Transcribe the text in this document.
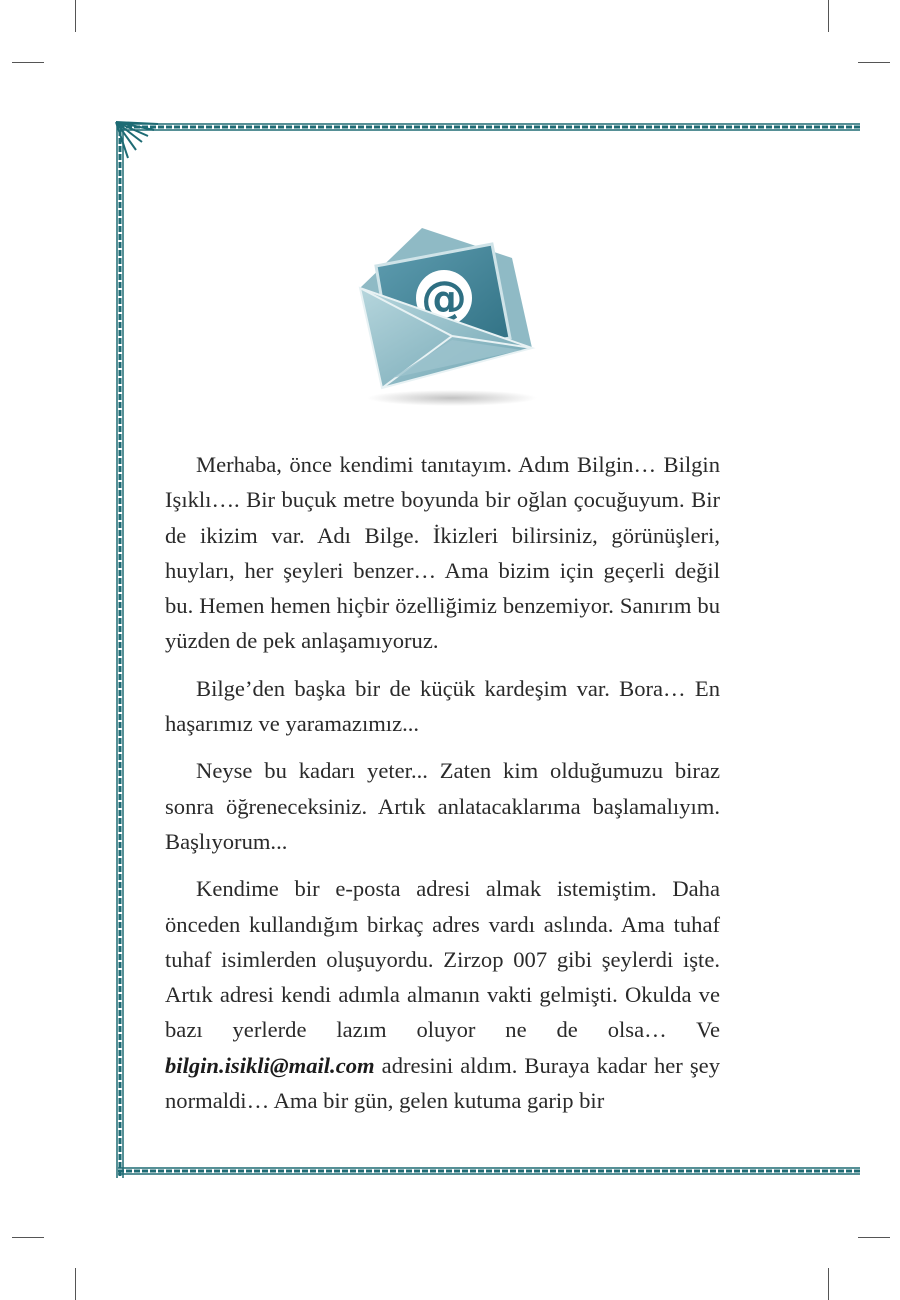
@

Merhaba, önce kendimi tanıtayım. Adım Bilgin… Bilgin Işıklı…. Bir buçuk metre boyunda bir oğlan çocuğuyum. Bir de ikizim var. Adı Bilge. İkizleri bilirsiniz, görünüşleri, huyları, her şeyleri benzer… Ama bizim için geçerli değil bu. Hemen hemen hiçbir özelliğimiz benzemiyor. Sanırım bu yüzden de pek anlaşamıyoruz.

Bilge’den başka bir de küçük kardeşim var. Bora… En haşarımız ve yaramazımız...

Neyse bu kadarı yeter... Zaten kim olduğumuzu biraz sonra öğreneceksiniz. Artık anlatacaklarıma başlamalıyım. Başlıyorum...

Kendime bir e-posta adresi almak istemiştim. Daha önceden kullandığım birkaç adres vardı aslında. Ama tuhaf tuhaf isimlerden oluşuyordu. Zirzop 007 gibi şeylerdi işte. Artık adresi kendi adımla almanın vakti gelmişti. Okulda ve bazı yerlerde lazım oluyor ne de olsa… Ve bilgin.isikli@mail.com adresini aldım. Buraya kadar her şey normaldi… Ama bir gün, gelen kutuma garip bir
